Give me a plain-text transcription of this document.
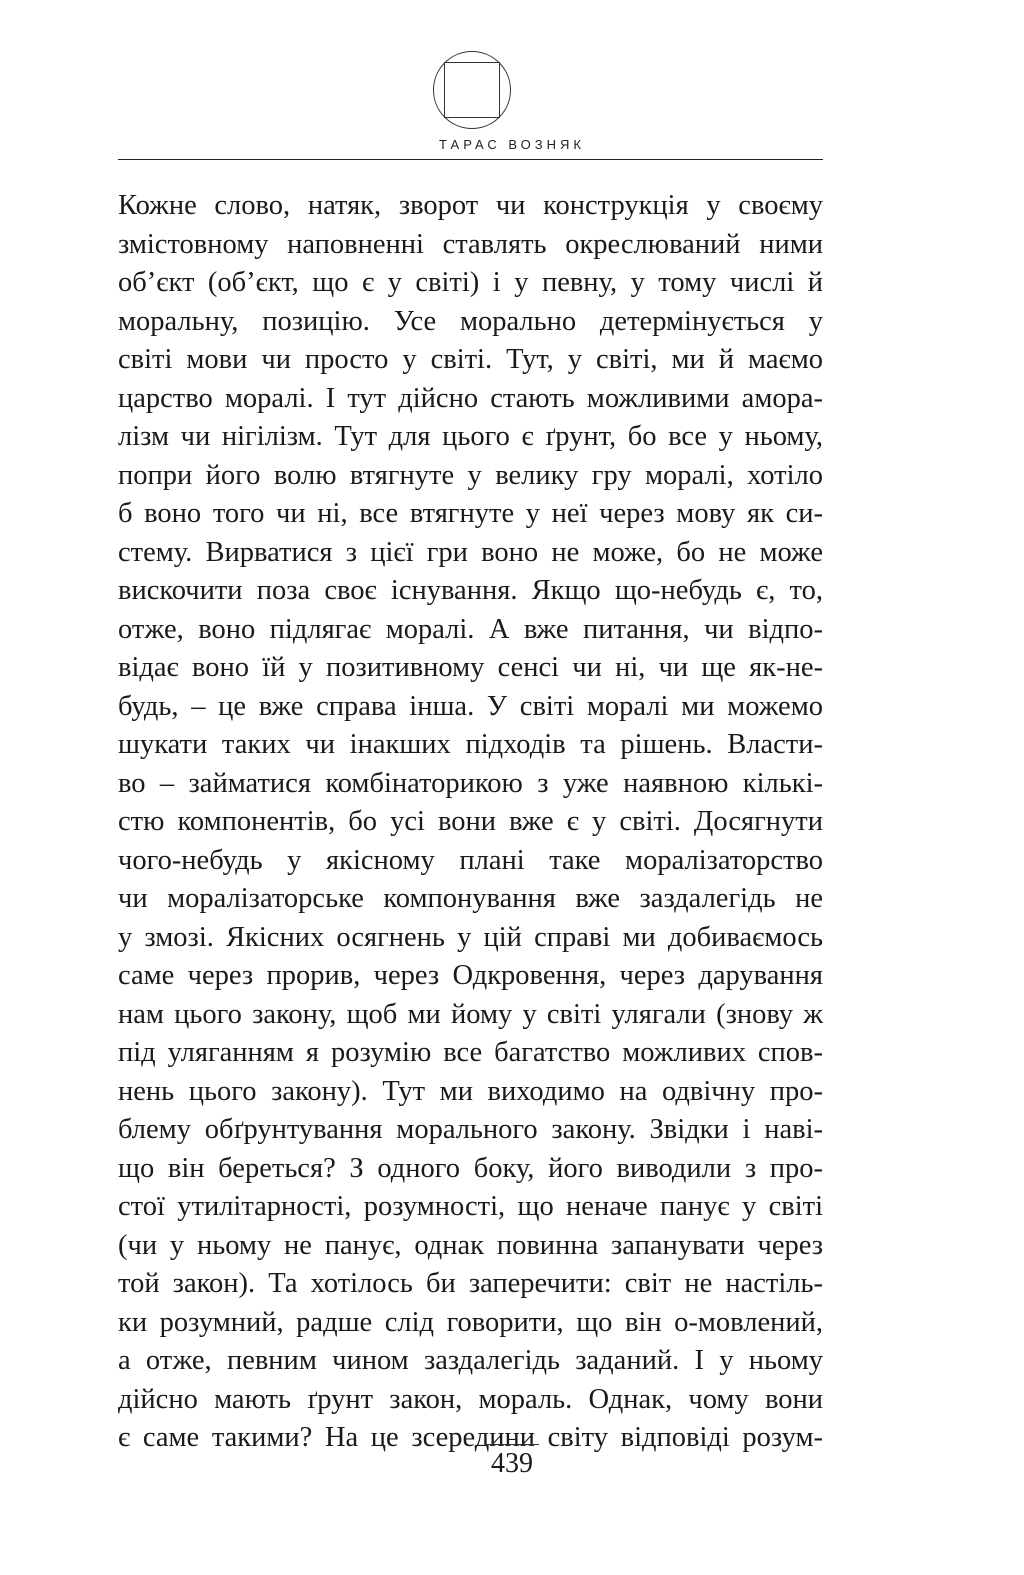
ТАРАС ВОЗНЯК
Кожне слово, натяк, зворот чи конструкція у своєму
змістовному наповненні ставлять окреслюваний ними
об’єкт (об’єкт, що є у світі) і у певну, у тому числі й
моральну, позицію. Усе морально детермінується у
світі мови чи просто у світі. Тут, у світі, ми й маємо
царство моралі. І тут дійсно стають можливими амора-
лізм чи нігілізм. Тут для цього є ґрунт, бо все у ньому,
попри його волю втягнуте у велику гру моралі, хотіло
б воно того чи ні, все втягнуте у неї через мову як си-
стему. Вирватися з цієї гри воно не може, бо не може
вискочити поза своє існування. Якщо що-небудь є, то,
отже, воно підлягає моралі. А вже питання, чи відпо-
відає воно їй у позитивному сенсі чи ні, чи ще як-не-
будь, – це вже справа інша. У світі моралі ми можемо
шукати таких чи інакших підходів та рішень. Власти-
во – займатися комбінаторикою з уже наявною кількі-
стю компонентів, бо усі вони вже є у світі. Досягнути
чого-небудь у якісному плані таке моралізаторство
чи моралізаторське компонування вже заздалегідь не
у змозі. Якісних осягнень у цій справі ми добиваємось
саме через прорив, через Одкровення, через дарування
нам цього закону, щоб ми йому у світі улягали (знову ж
під уляганням я розумію все багатство можливих спов-
нень цього закону). Тут ми виходимо на одвічну про-
блему обґрунтування морального закону. Звідки і наві-
що він береться? З одного боку, його виводили з про-
стої утилітарності, розумності, що неначе панує у світі
(чи у ньому не панує, однак повинна запанувати через
той закон). Та хотілось би заперечити: світ не настіль-
ки розумний, радше слід говорити, що він о-мовлений,
а отже, певним чином заздалегідь заданий. І у ньому
дійсно мають ґрунт закон, мораль. Однак, чому вони
є саме такими? На це зсередини світу відповіді розум-
439
